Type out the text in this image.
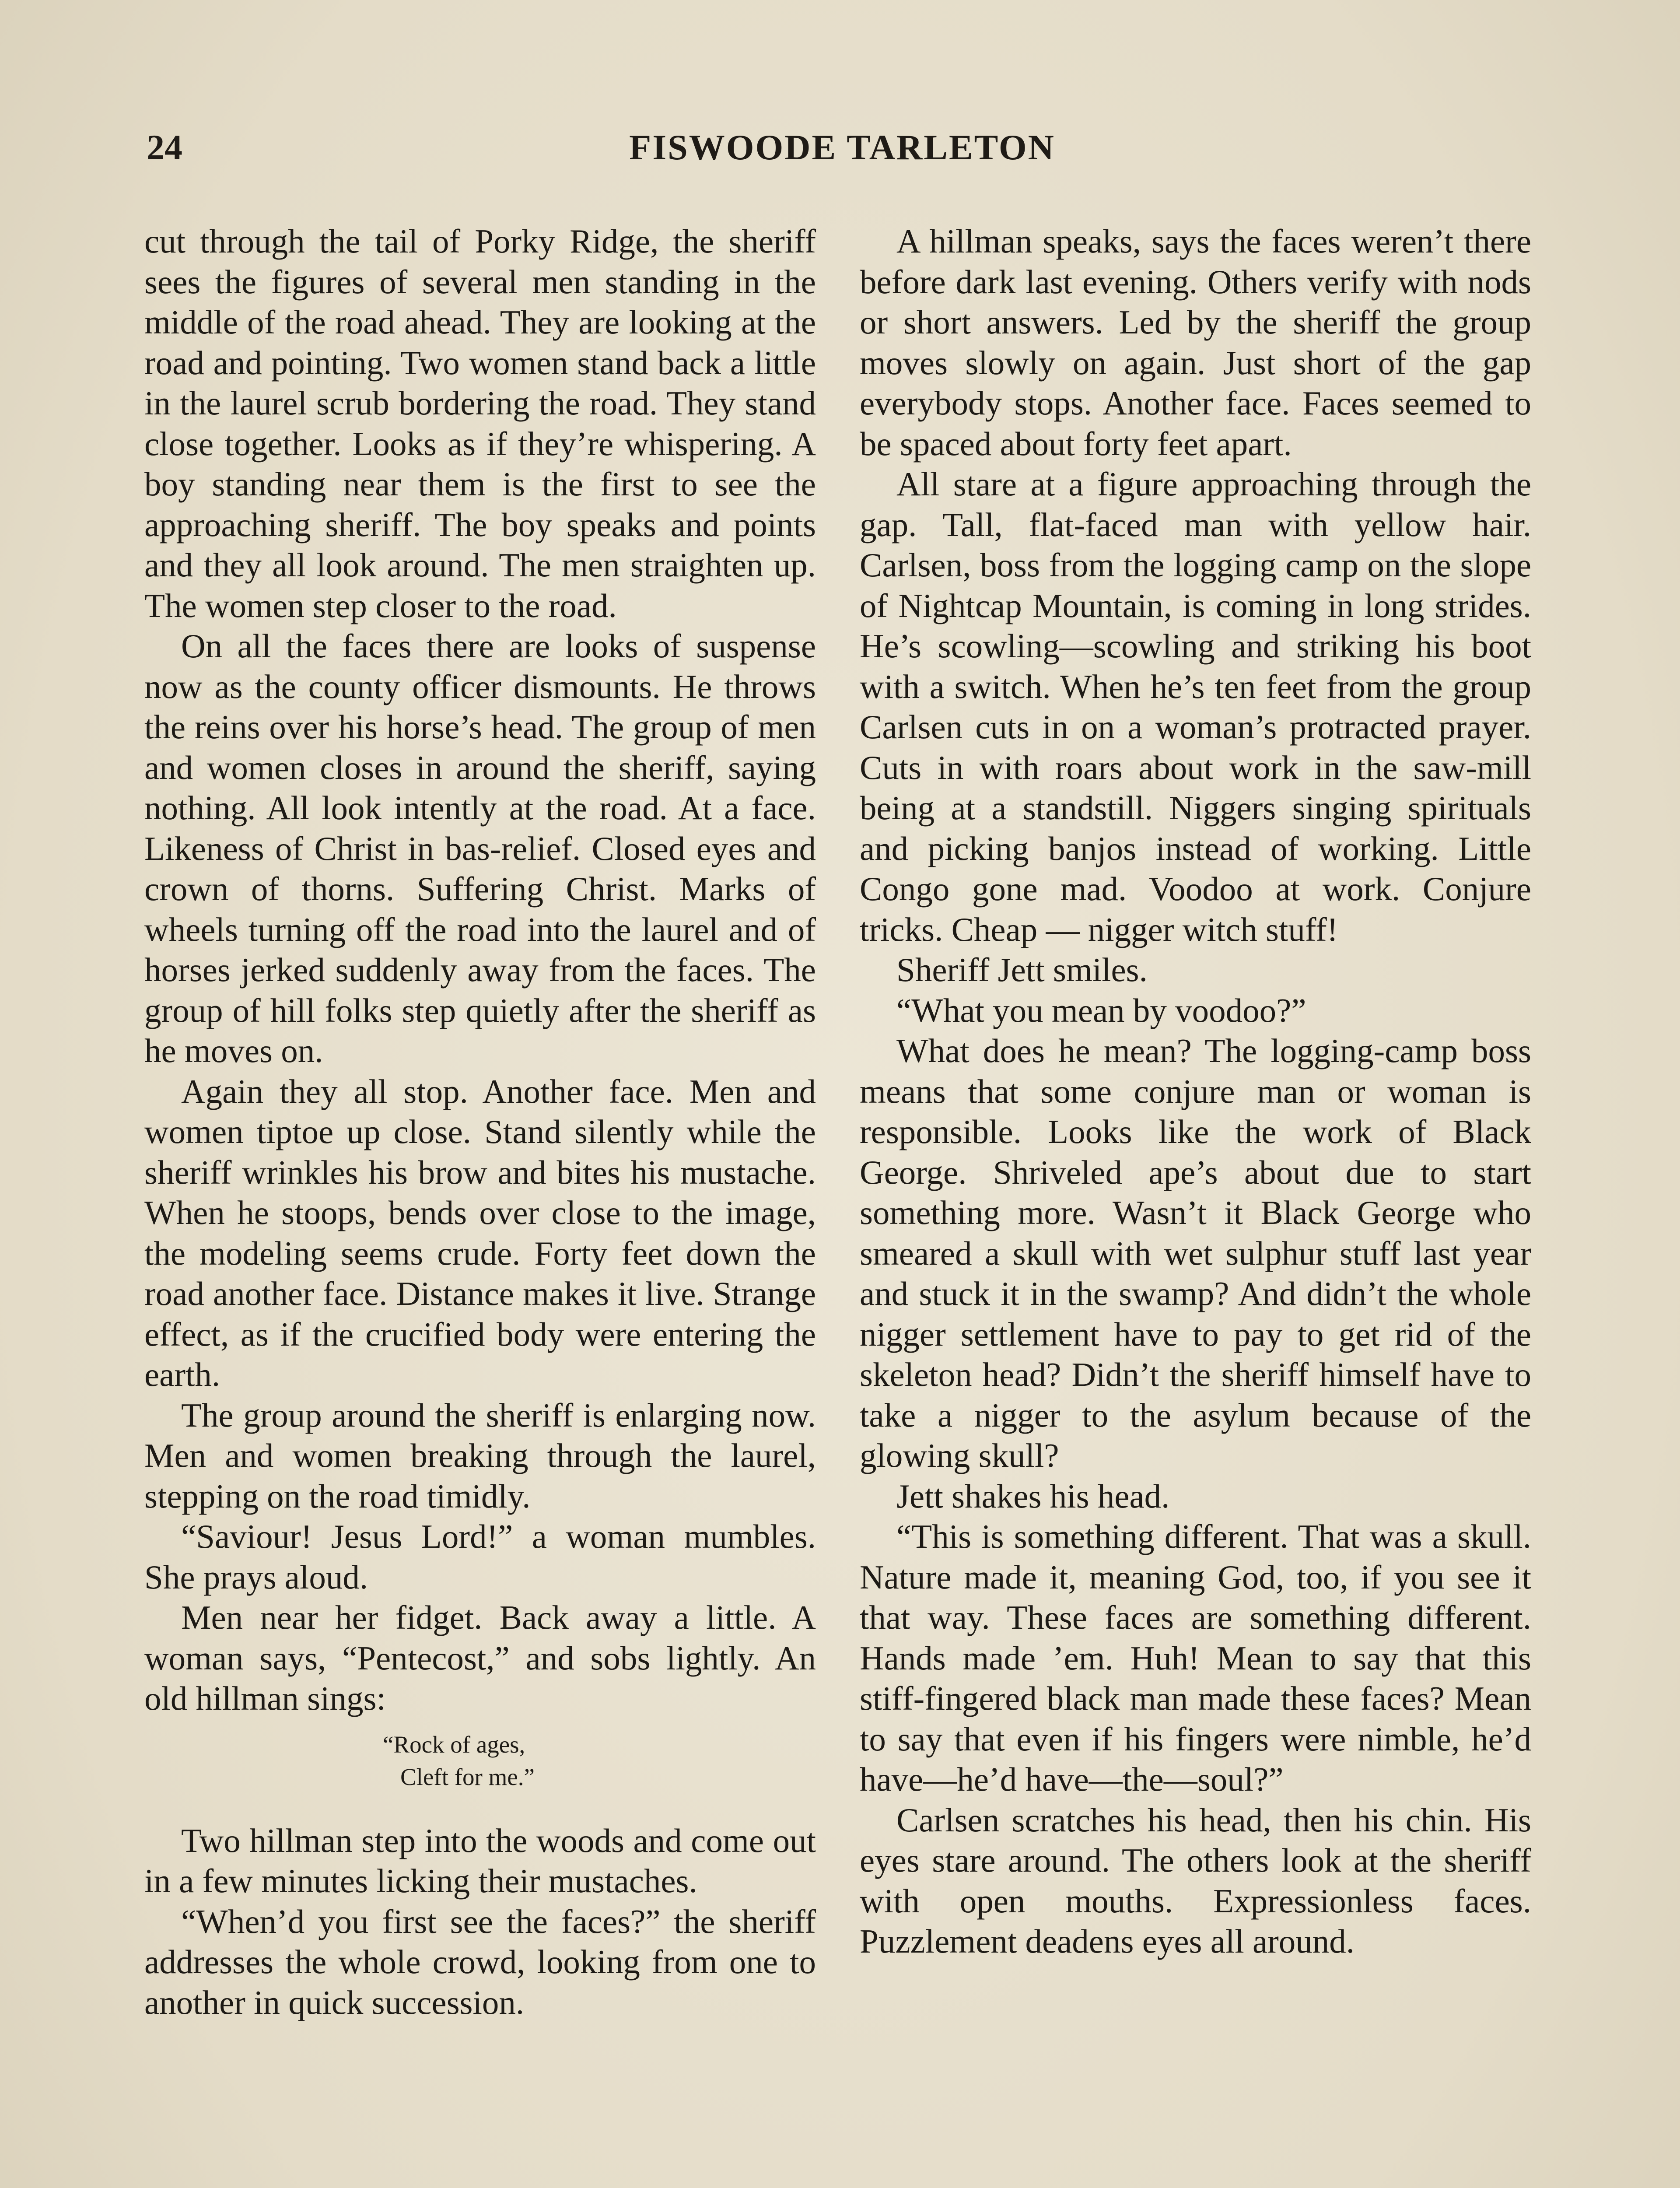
24	FISWOODE TARLETON

cut through the tail of Porky Ridge, the sheriff sees the figures of several men standing in the middle of the road ahead. They are looking at the road and pointing. Two women stand back a little in the laurel scrub bordering the road. They stand close together. Looks as if they’re whispering. A boy standing near them is the first to see the approaching sheriff. The boy speaks and points and they all look around. The men straighten up. The women step closer to the road.

On all the faces there are looks of suspense now as the county officer dismounts. He throws the reins over his horse’s head. The group of men and women closes in around the sheriff, saying nothing. All look intently at the road. At a face. Likeness of Christ in bas-relief. Closed eyes and crown of thorns. Suffering Christ. Marks of wheels turning off the road into the laurel and of horses jerked suddenly away from the faces. The group of hill folks step quietly after the sheriff as he moves on.

Again they all stop. Another face. Men and women tiptoe up close. Stand silently while the sheriff wrinkles his brow and bites his mustache. When he stoops, bends over close to the image, the modeling seems crude. Forty feet down the road another face. Distance makes it live. Strange effect, as if the crucified body were entering the earth.

The group around the sheriff is enlarging now. Men and women breaking through the laurel, stepping on the road timidly.

“Saviour! Jesus Lord!” a woman mumbles. She prays aloud.

Men near her fidget. Back away a little. A woman says, “Pentecost,” and sobs lightly. An old hillman sings:

“Rock of ages,
Cleft for me.”

Two hillman step into the woods and come out in a few minutes licking their mustaches.

“When’d you first see the faces?” the sheriff addresses the whole crowd, looking from one to another in quick succession.

A hillman speaks, says the faces weren’t there before dark last evening. Others verify with nods or short answers. Led by the sheriff the group moves slowly on again. Just short of the gap everybody stops. Another face. Faces seemed to be spaced about forty feet apart.

All stare at a figure approaching through the gap. Tall, flat-faced man with yellow hair. Carlsen, boss from the logging camp on the slope of Nightcap Mountain, is coming in long strides. He’s scowling—scowling and striking his boot with a switch. When he’s ten feet from the group Carlsen cuts in on a woman’s protracted prayer. Cuts in with roars about work in the saw-mill being at a standstill. Niggers singing spirituals and picking banjos instead of working. Little Congo gone mad. Voodoo at work. Conjure tricks. Cheap — nigger witch stuff!

Sheriff Jett smiles.

“What you mean by voodoo?”

What does he mean? The logging-camp boss means that some conjure man or woman is responsible. Looks like the work of Black George. Shriveled ape’s about due to start something more. Wasn’t it Black George who smeared a skull with wet sulphur stuff last year and stuck it in the swamp? And didn’t the whole nigger settlement have to pay to get rid of the skeleton head? Didn’t the sheriff himself have to take a nigger to the asylum because of the glowing skull?

Jett shakes his head.

“This is something different. That was a skull. Nature made it, meaning God, too, if you see it that way. These faces are something different. Hands made ’em. Huh! Mean to say that this stiff-fingered black man made these faces? Mean to say that even if his fingers were nimble, he’d have—he’d have—the—soul?”

Carlsen scratches his head, then his chin. His eyes stare around. The others look at the sheriff with open mouths. Expressionless faces. Puzzlement deadens eyes all around.
